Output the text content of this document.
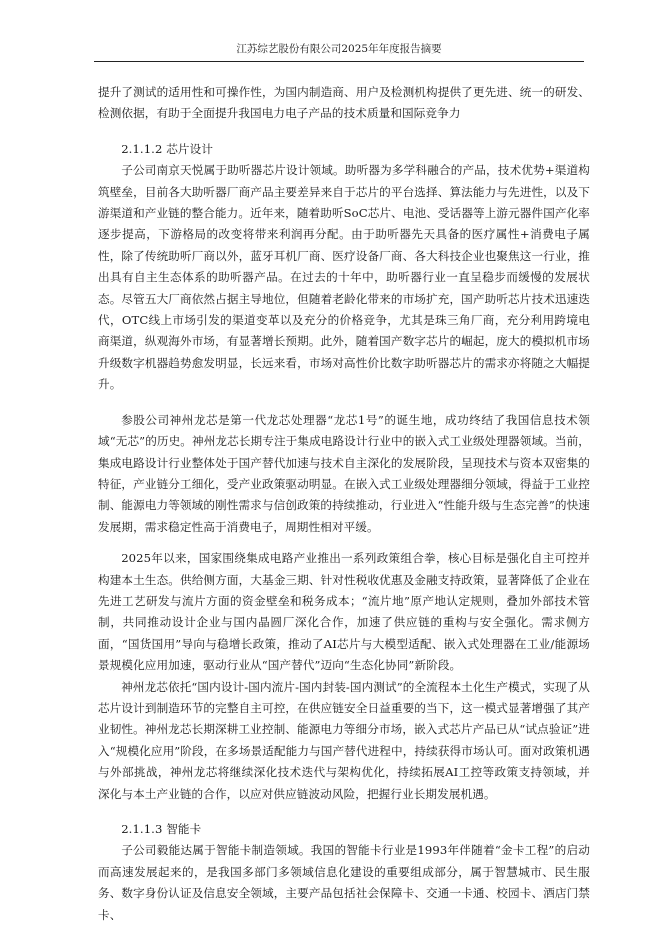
江苏综艺股份有限公司2025年年度报告摘要

提升了测试的适用性和可操作性，为国内制造商、用户及检测机构提供了更先进、统一的研发、检测依据，有助于全面提升我国电力电子产品的技术质量和国际竞争力

2.1.1.2 芯片设计

子公司南京天悦属于助听器芯片设计领域。助听器为多学科融合的产品，技术优势+渠道构筑壁垒，目前各大助听器厂商产品主要差异来自于芯片的平台选择、算法能力与先进性，以及下游渠道和产业链的整合能力。近年来，随着助听SoC芯片、电池、受话器等上游元器件国产化率逐步提高，下游格局的改变将带来利润再分配。由于助听器先天具备的医疗属性+消费电子属性，除了传统助听厂商以外，蓝牙耳机厂商、医疗设备厂商、各大科技企业也聚焦这一行业，推出具有自主生态体系的助听器产品。在过去的十年中，助听器行业一直呈稳步而缓慢的发展状态。尽管五大厂商依然占据主导地位，但随着老龄化带来的市场扩充，国产助听芯片技术迅速迭代，OTC线上市场引发的渠道变革以及充分的价格竞争，尤其是珠三角厂商，充分利用跨境电商渠道，纵观海外市场，有显著增长预期。此外，随着国产数字芯片的崛起，庞大的模拟机市场升级数字机器趋势愈发明显，长远来看，市场对高性价比数字助听器芯片的需求亦将随之大幅提升。

参股公司神州龙芯是第一代龙芯处理器“龙芯1号”的诞生地，成功终结了我国信息技术领域“无芯”的历史。神州龙芯长期专注于集成电路设计行业中的嵌入式工业级处理器领域。当前，集成电路设计行业整体处于国产替代加速与技术自主深化的发展阶段，呈现技术与资本双密集的特征，产业链分工细化，受产业政策驱动明显。在嵌入式工业级处理器细分领域，得益于工业控制、能源电力等领域的刚性需求与信创政策的持续推动，行业进入“性能升级与生态完善”的快速发展期，需求稳定性高于消费电子，周期性相对平缓。

2025年以来，国家围绕集成电路产业推出一系列政策组合拳，核心目标是强化自主可控并构建本土生态。供给侧方面，大基金三期、针对性税收优惠及金融支持政策，显著降低了企业在先进工艺研发与流片方面的资金壁垒和税务成本；“流片地”原产地认定规则，叠加外部技术管制，共同推动设计企业与国内晶圆厂深化合作，加速了供应链的重构与安全强化。需求侧方面，“国货国用”导向与稳增长政策，推动了AI芯片与大模型适配、嵌入式处理器在工业/能源场景规模化应用加速，驱动行业从“国产替代”迈向“生态化协同”新阶段。

神州龙芯依托“国内设计-国内流片-国内封装-国内测试”的全流程本土化生产模式，实现了从芯片设计到制造环节的完整自主可控，在供应链安全日益重要的当下，这一模式显著增强了其产业韧性。神州龙芯长期深耕工业控制、能源电力等细分市场，嵌入式芯片产品已从“试点验证”进入“规模化应用”阶段，在多场景适配能力与国产替代进程中，持续获得市场认可。面对政策机遇与外部挑战，神州龙芯将继续深化技术迭代与架构优化，持续拓展AI工控等政策支持领域，并深化与本土产业链的合作，以应对供应链波动风险，把握行业长期发展机遇。

2.1.1.3 智能卡

子公司毅能达属于智能卡制造领域。我国的智能卡行业是1993年伴随着“金卡工程”的启动而高速发展起来的，是我国多部门多领域信息化建设的重要组成部分，属于智慧城市、民生服务、数字身份认证及信息安全领域，主要产品包括社会保障卡、交通一卡通、校园卡、酒店门禁卡、
